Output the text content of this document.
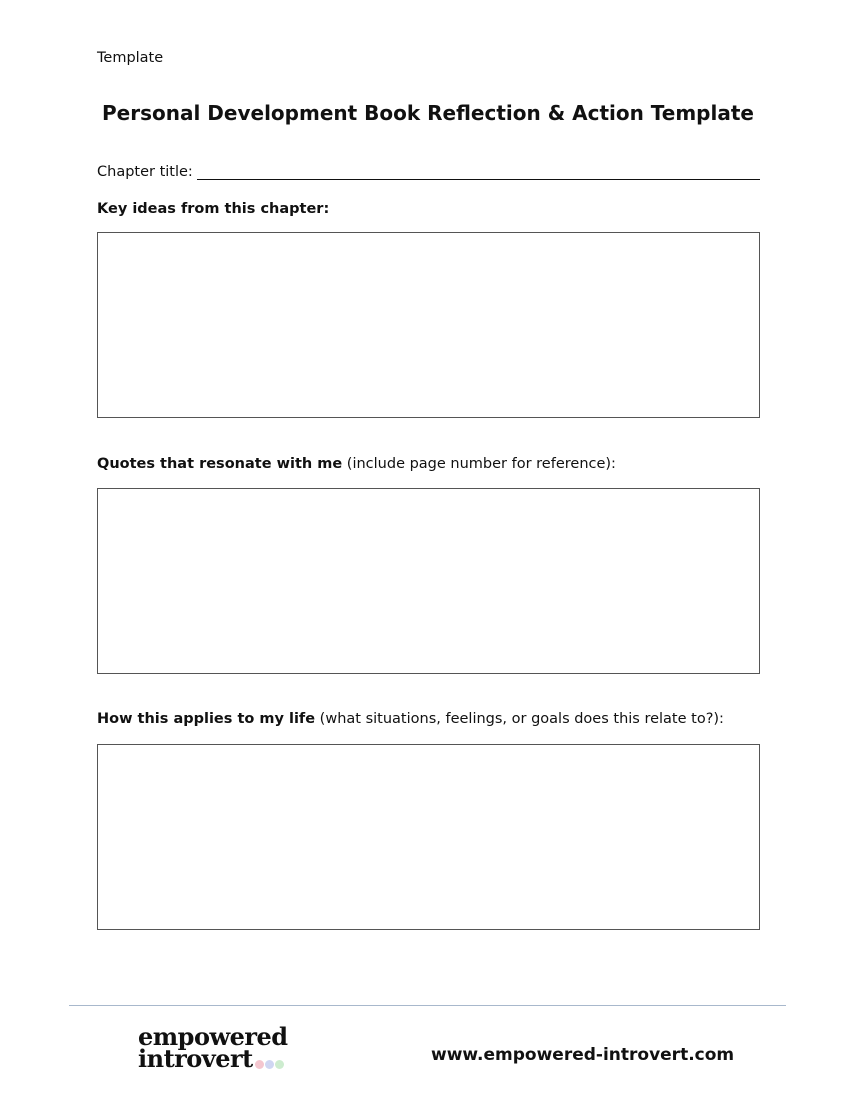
Template
Personal Development Book Reflection & Action Template
Chapter title:
Key ideas from this chapter:
Quotes that resonate with me (include page number for reference):
How this applies to my life (what situations, feelings, or goals does this relate to?):
empowered
introvert	www.empowered-introvert.com
